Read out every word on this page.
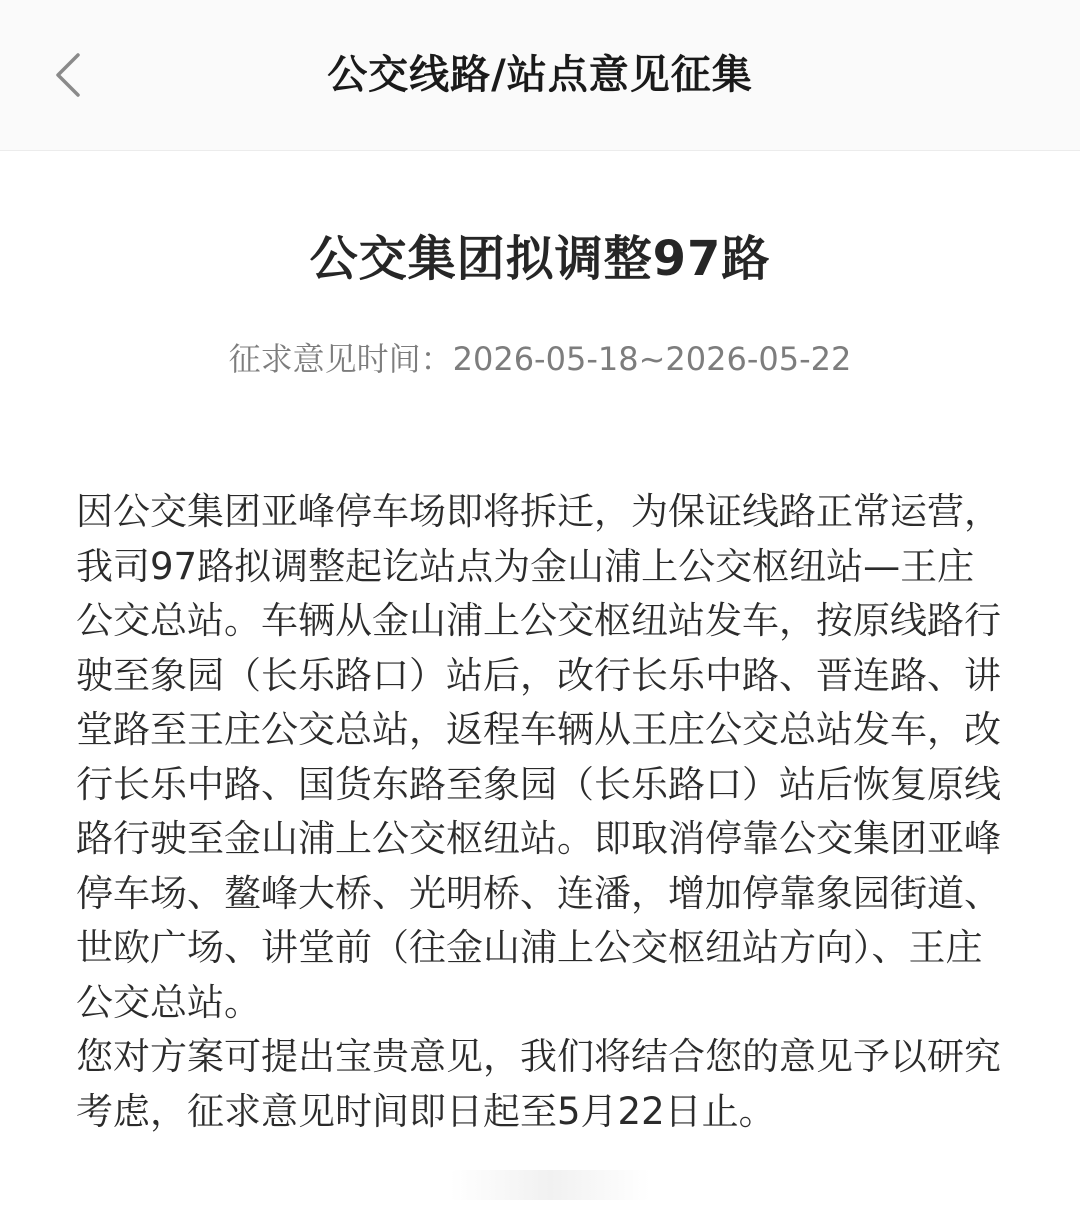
公交线路/站点意见征集
公交集团拟调整97路
征求意见时间：2026-05-18~2026-05-22

因公交集团亚峰停车场即将拆迁，为保证线路正常运营，我司97路拟调整起讫站点为金山浦上公交枢纽站—王庄公交总站。车辆从金山浦上公交枢纽站发车，按原线路行驶至象园（长乐路口）站后，改行长乐中路、晋连路、讲堂路至王庄公交总站，返程车辆从王庄公交总站发车，改行长乐中路、国货东路至象园（长乐路口）站后恢复原线路行驶至金山浦上公交枢纽站。即取消停靠公交集团亚峰停车场、鳌峰大桥、光明桥、连潘，增加停靠象园街道、世欧广场、讲堂前（往金山浦上公交枢纽站方向）、王庄公交总站。

您对方案可提出宝贵意见，我们将结合您的意见予以研究考虑，征求意见时间即日起至5月22日止。
